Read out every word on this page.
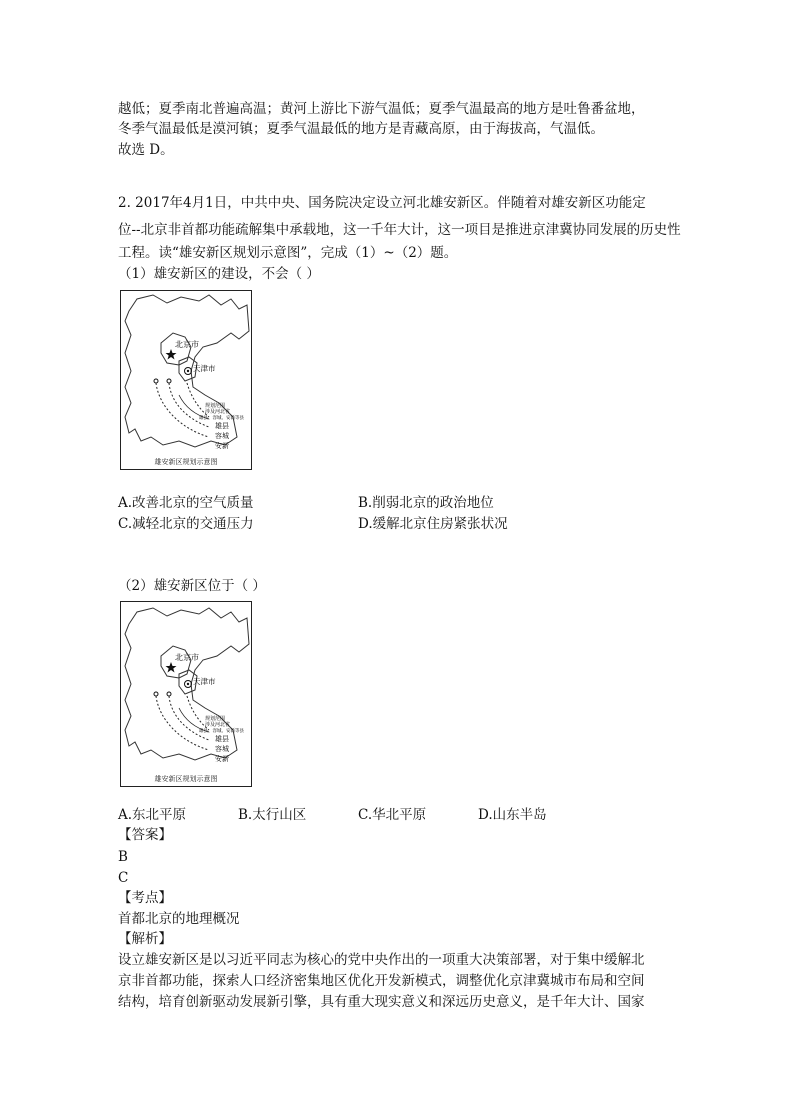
越低；夏季南北普遍高温；黄河上游比下游气温低；夏季气温最高的地方是吐鲁番盆地，
冬季气温最低是漠河镇；夏季气温最低的地方是青藏高原，由于海拔高，气温低。
故选 D。
2. 2017年4月1日，中共中央、国务院决定设立河北雄安新区。伴随着对雄安新区功能定
位--北京非首都功能疏解集中承载地，这一千年大计，这一项目是推进京津冀协同发展的历史性
工程。读“雄安新区规划示意图”，完成（1）~（2）题。
（1）雄安新区的建设，不会（ ）
北京市
天津市
规划范围
涉及河北省
雄县、容城、安新等县
雄县
容城
安新
雄安新区规划示意图
A.改善北京的空气质量	B.削弱北京的政治地位
C.减轻北京的交通压力	D.缓解北京住房紧张状况
（2）雄安新区位于（ ）
北京市
天津市
规划范围
涉及河北省
雄县、容城、安新等县
雄县
容城
安新
雄安新区规划示意图
A.东北平原	B.太行山区	C.华北平原	D.山东半岛
【答案】
B
C
【考点】
首都北京的地理概况
【解析】
设立雄安新区是以习近平同志为核心的党中央作出的一项重大决策部署，对于集中缓解北
京非首都功能，探索人口经济密集地区优化开发新模式，调整优化京津冀城市布局和空间
结构，培育创新驱动发展新引擎，具有重大现实意义和深远历史意义，是千年大计、国家
